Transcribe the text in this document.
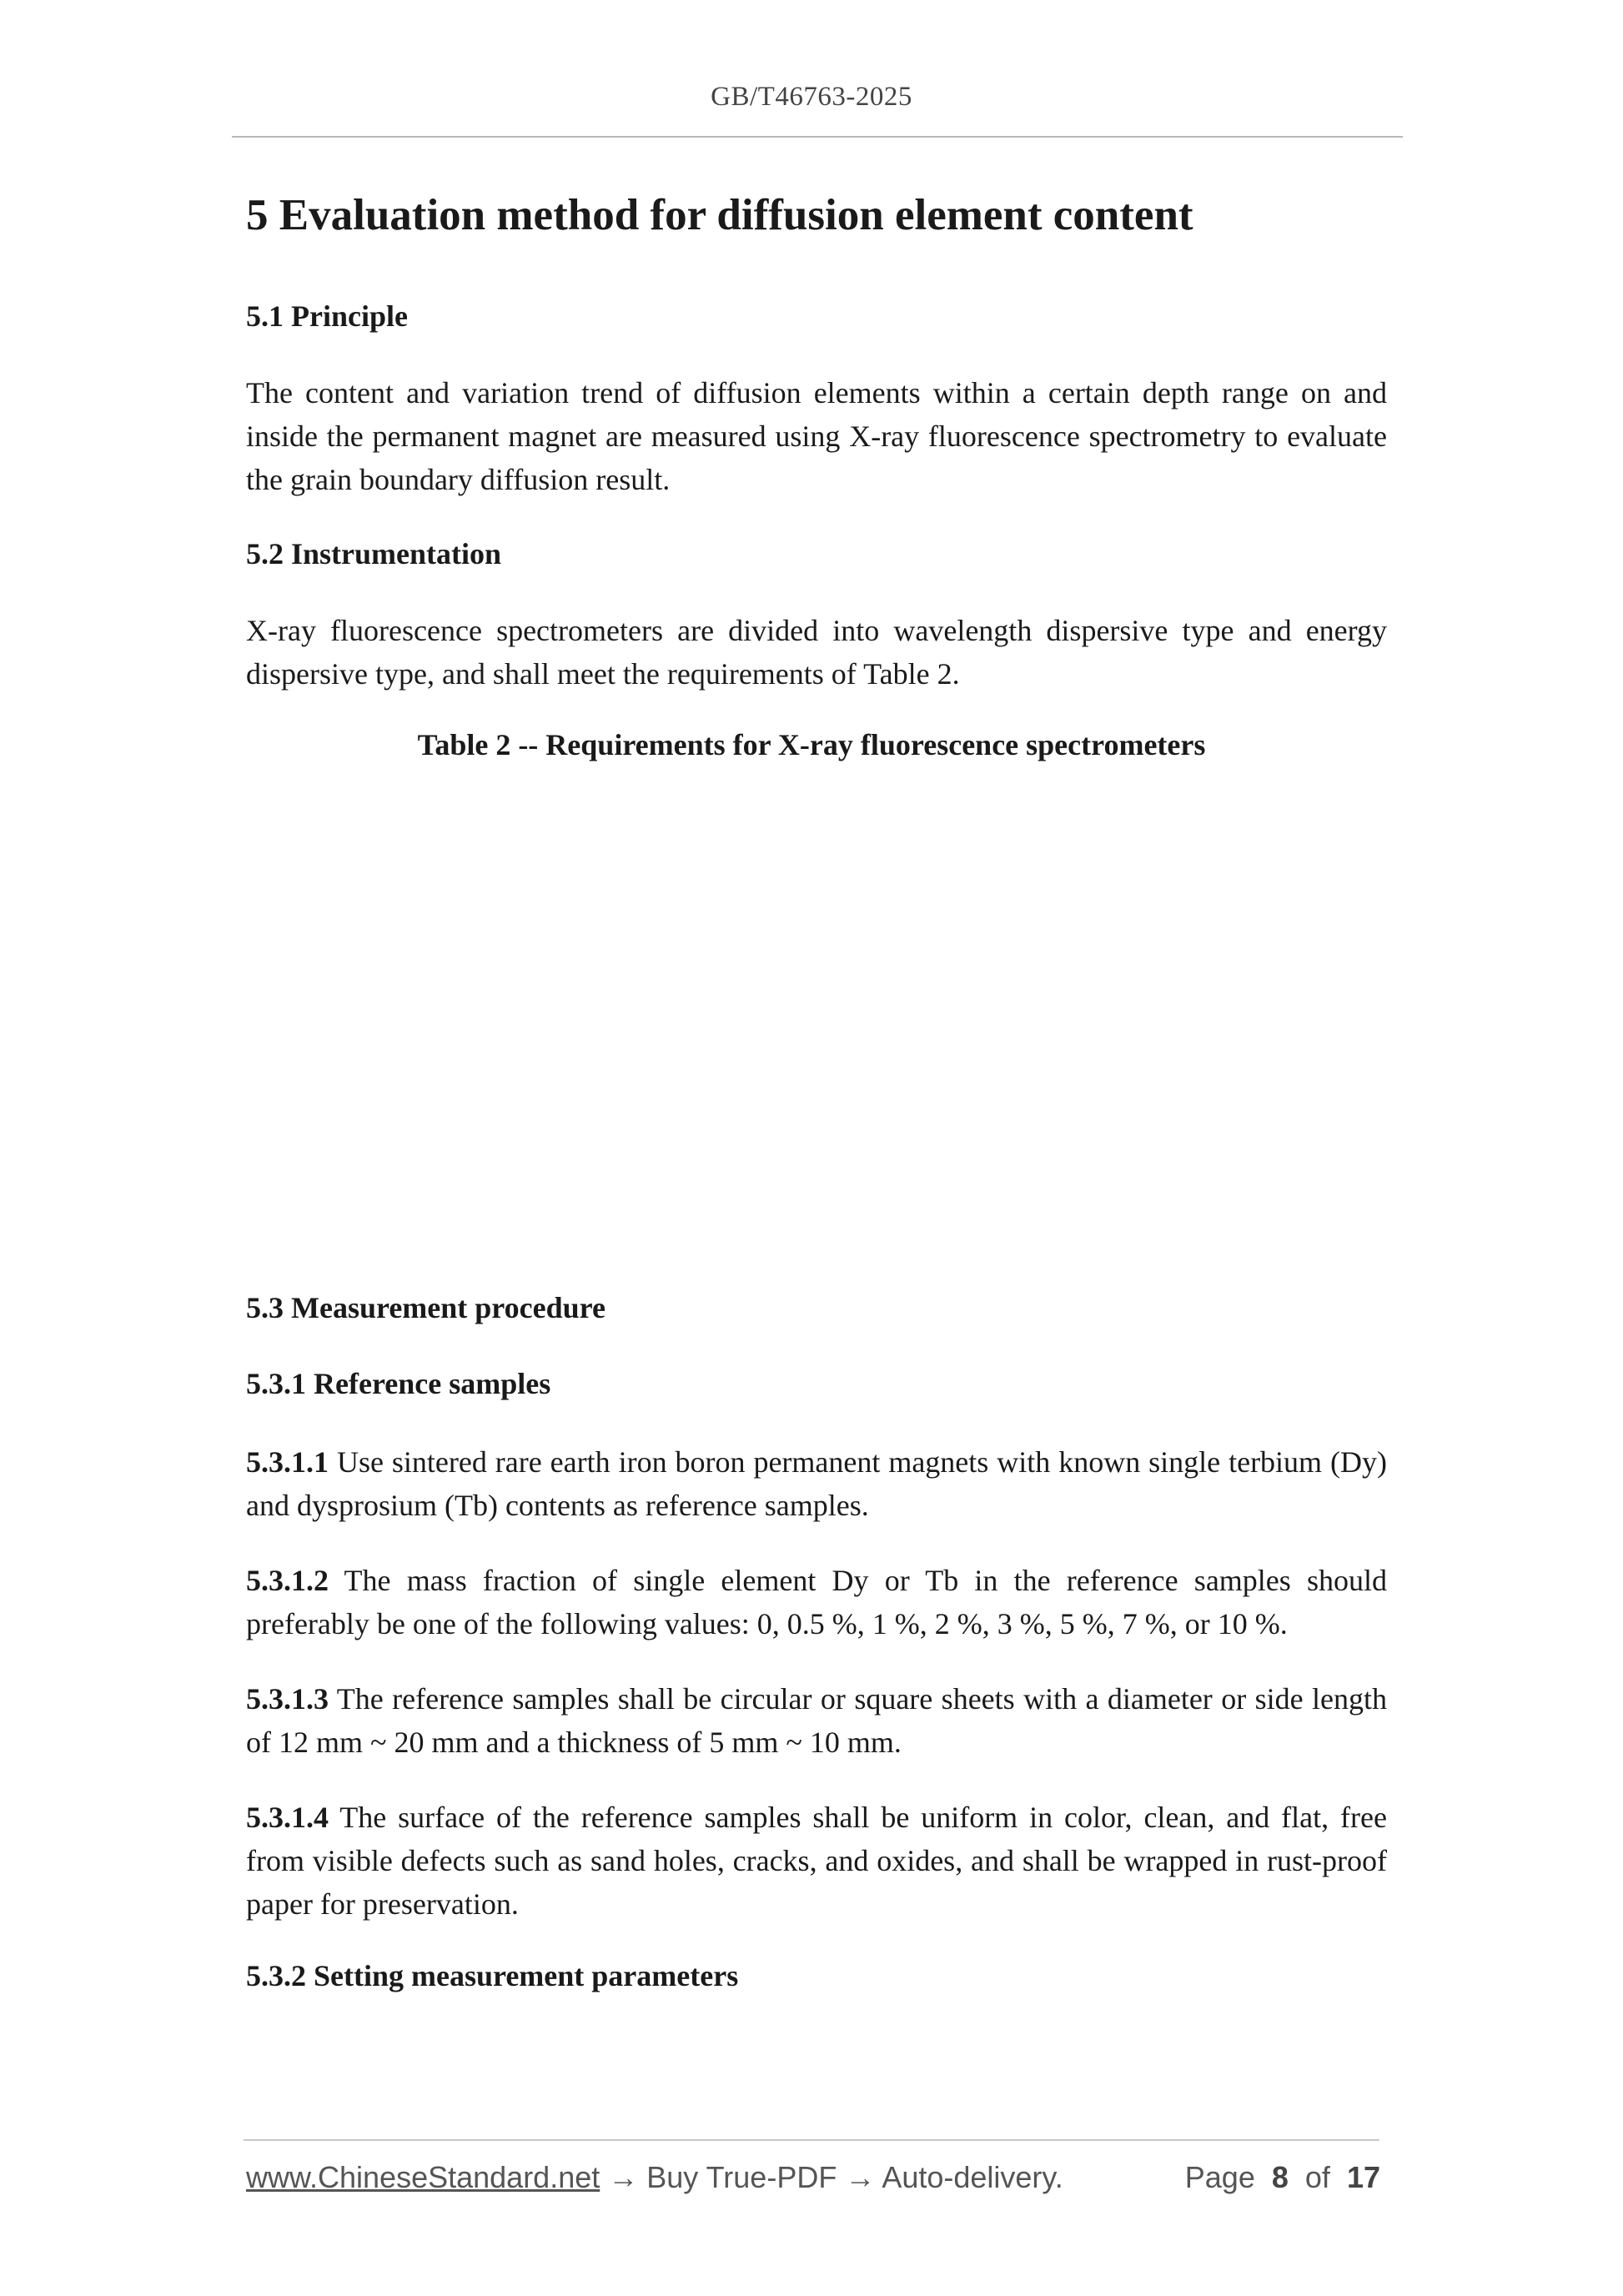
GB/T46763-2025
5 Evaluation method for diffusion element content
5.1 Principle
The content and variation trend of diffusion elements within a certain depth range on and inside the permanent magnet are measured using X-ray fluorescence spectrometry to evaluate the grain boundary diffusion result.
5.2 Instrumentation
X-ray fluorescence spectrometers are divided into wavelength dispersive type and energy dispersive type, and shall meet the requirements of Table 2.
Table 2 -- Requirements for X-ray fluorescence spectrometers
5.3 Measurement procedure
5.3.1 Reference samples
5.3.1.1 Use sintered rare earth iron boron permanent magnets with known single terbium (Dy) and dysprosium (Tb) contents as reference samples.
5.3.1.2 The mass fraction of single element Dy or Tb in the reference samples should preferably be one of the following values: 0, 0.5 %, 1 %, 2 %, 3 %, 5 %, 7 %, or 10 %.
5.3.1.3 The reference samples shall be circular or square sheets with a diameter or side length of 12 mm ~ 20 mm and a thickness of 5 mm ~ 10 mm.
5.3.1.4 The surface of the reference samples shall be uniform in color, clean, and flat, free from visible defects such as sand holes, cracks, and oxides, and shall be wrapped in rust-proof paper for preservation.
5.3.2 Setting measurement parameters
www.ChineseStandard.net → Buy True-PDF → Auto-delivery.	Page 8 of 17
